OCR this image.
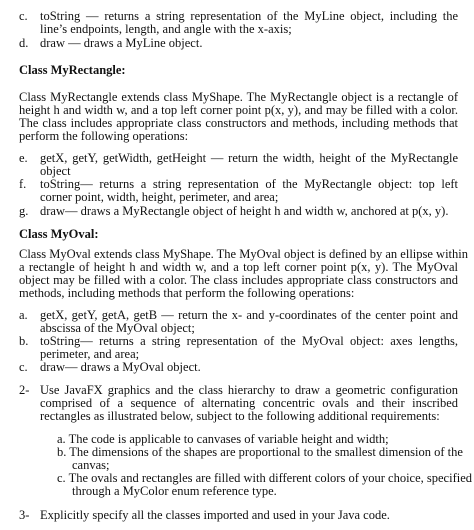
c. toString — returns a string representation of the MyLine object, including the
line’s endpoints, length, and angle with the x-axis;
d. draw — draws a MyLine object.
Class MyRectangle:
Class MyRectangle extends class MyShape. The MyRectangle object is a rectangle of
height h and width w, and a top left corner point p(x, y), and may be filled with a color.
The class includes appropriate class constructors and methods, including methods that
perform the following operations:
e. getX, getY, getWidth, getHeight — return the width, height of the MyRectangle
object
f. toString— returns a string representation of the MyRectangle object: top left
corner point, width, height, perimeter, and area;
g. draw— draws a MyRectangle object of height h and width w, anchored at p(x, y).
Class MyOval:
Class MyOval extends class MyShape. The MyOval object is defined by an ellipse within
a rectangle of height h and width w, and a top left corner point p(x, y). The MyOval
object may be filled with a color. The class includes appropriate class constructors and
methods, including methods that perform the following operations:
a. getX, getY, getA, getB — return the x- and y-coordinates of the center point and
abscissa of the MyOval object;
b. toString— returns a string representation of the MyOval object: axes lengths,
perimeter, and area;
c. draw— draws a MyOval object.
2- Use JavaFX graphics and the class hierarchy to draw a geometric configuration
comprised of a sequence of alternating concentric ovals and their inscribed
rectangles as illustrated below, subject to the following additional requirements:
a. The code is applicable to canvases of variable height and width;
b. The dimensions of the shapes are proportional to the smallest dimension of the
canvas;
c. The ovals and rectangles are filled with different colors of your choice, specified
through a MyColor enum reference type.
3- Explicitly specify all the classes imported and used in your Java code.
